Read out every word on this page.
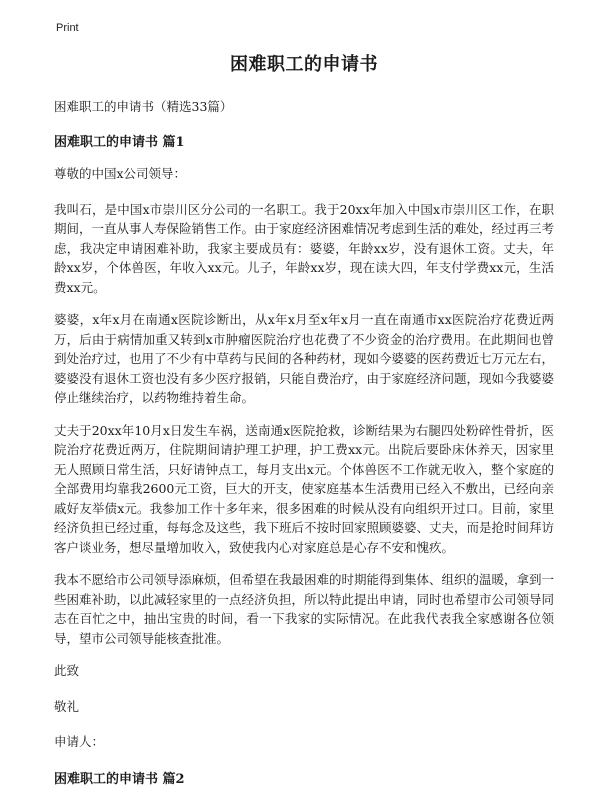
Print
困难职工的申请书
困难职工的申请书（精选33篇）
困难职工的申请书 篇1
尊敬的中国x公司领导：
我叫石，是中国x市崇川区分公司的一名职工。我于20xx年加入中国x市崇川区工作，在职期间，一直从事人寿保险销售工作。由于家庭经济困难情况考虑到生活的难处，经过再三考虑，我决定申请困难补助，我家主要成员有：婆婆，年龄xx岁，没有退休工资。丈夫，年龄xx岁，个体兽医，年收入xx元。儿子，年龄xx岁，现在读大四，年支付学费xx元，生活费xx元。
婆婆，x年x月在南通x医院诊断出，从x年x月至x年x月一直在南通市xx医院治疗花费近两万，后由于病情加重又转到x市肿瘤医院治疗也花费了不少资金的治疗费用。在此期间也曾到处治疗过，也用了不少有中草药与民间的各种药材，现如今婆婆的医药费近七万元左右，婆婆没有退休工资也没有多少医疗报销，只能自费治疗，由于家庭经济问题，现如今我婆婆停止继续治疗，以药物维持着生命。
丈夫于20xx年10月x日发生车祸，送南通x医院抢救，诊断结果为右腿四处粉碎性骨折，医院治疗花费近两万，住院期间请护理工护理，护工费xx元。出院后要卧床休养天，因家里无人照顾日常生活，只好请钟点工，每月支出x元。个体兽医不工作就无收入，整个家庭的全部费用均靠我2600元工资，巨大的开支，使家庭基本生活费用已经入不敷出，已经向亲戚好友举债x元。我参加工作十多年来，很多困难的时候从没有向组织开过口。目前，家里经济负担已经过重，每每念及这些，我下班后不按时回家照顾婆婆、丈夫，而是抢时间拜访客户谈业务，想尽量增加收入，致使我内心对家庭总是心存不安和愧疚。
我本不愿给市公司领导添麻烦，但希望在我最困难的时期能得到集体、组织的温暖，拿到一些困难补助，以此减轻家里的一点经济负担，所以特此提出申请，同时也希望市公司领导同志在百忙之中，抽出宝贵的时间，看一下我家的实际情况。在此我代表我全家感谢各位领导，望市公司领导能核查批准。
此致
敬礼
申请人：
困难职工的申请书 篇2
